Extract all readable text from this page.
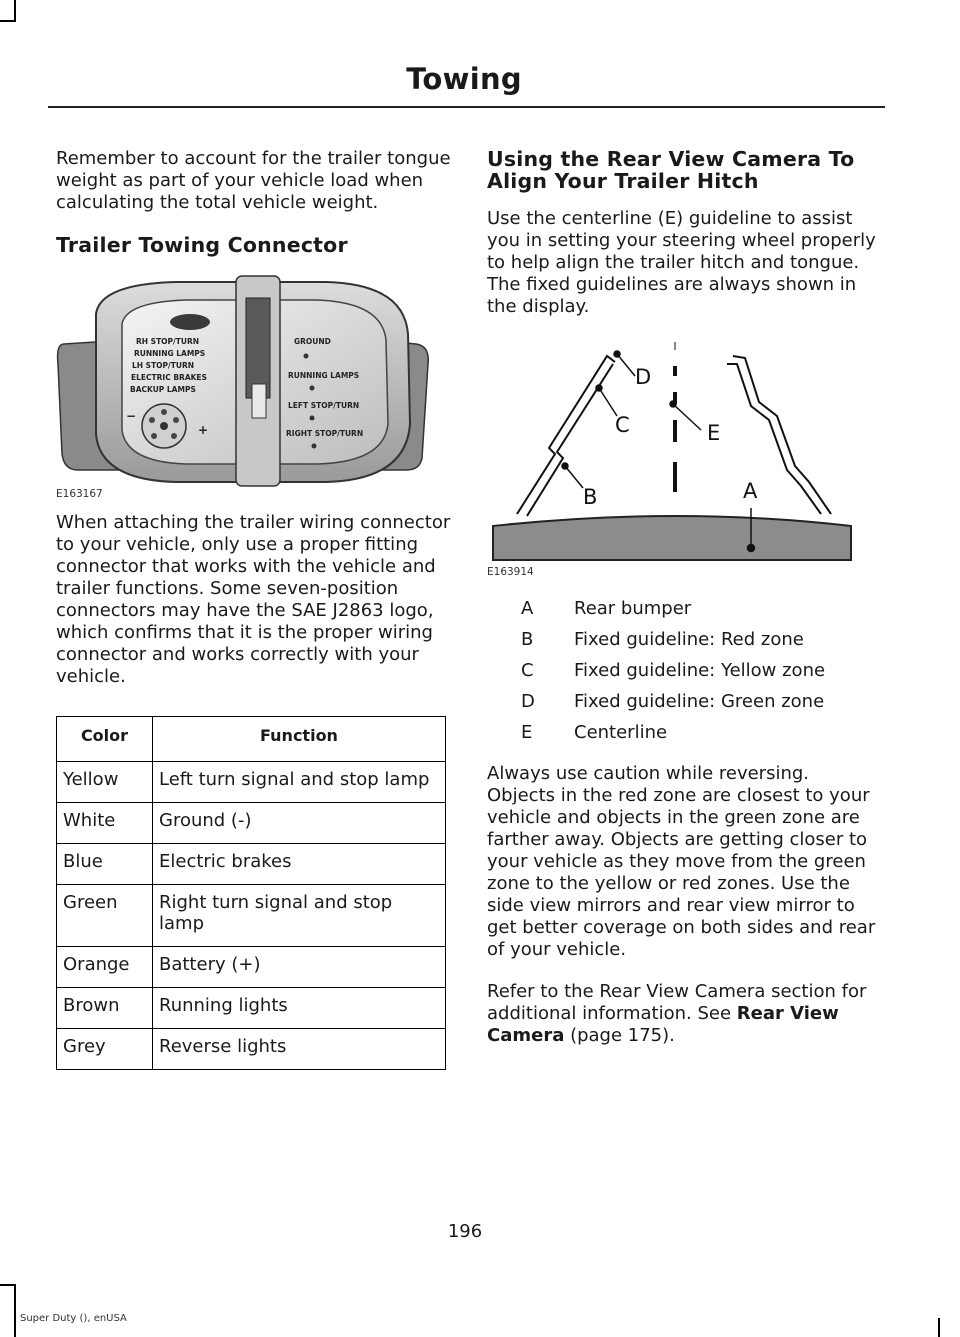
Towing

Remember to account for the trailer tongue weight as part of your vehicle load when calculating the total vehicle weight.

Trailer Towing Connector

RH STOP/TURN
RUNNING LAMPS
LH STOP/TURN
ELECTRIC BRAKES
BACKUP LAMPS
−
+
GROUND
RUNNING LAMPS
LEFT STOP/TURN
RIGHT STOP/TURN
E163167

When attaching the trailer wiring connector to your vehicle, only use a proper fitting connector that works with the vehicle and trailer functions. Some seven-position connectors may have the SAE J2863 logo, which confirms that it is the proper wiring connector and works correctly with your vehicle.

Color	Function
Yellow	Left turn signal and stop lamp
White	Ground (-)
Blue	Electric brakes
Green	Right turn signal and stop lamp
Orange	Battery (+)
Brown	Running lights
Grey	Reverse lights

Using the Rear View Camera To Align Your Trailer Hitch

Use the centerline (E) guideline to assist you in setting your steering wheel properly to help align the trailer hitch and tongue. The fixed guidelines are always shown in the display.

D
C	E
B	A
E163914
A	Rear bumper
B	Fixed guideline: Red zone
C	Fixed guideline: Yellow zone
D	Fixed guideline: Green zone
E	Centerline

Always use caution while reversing. Objects in the red zone are closest to your vehicle and objects in the green zone are farther away. Objects are getting closer to your vehicle as they move from the green zone to the yellow or red zones. Use the side view mirrors and rear view mirror to get better coverage on both sides and rear of your vehicle.

Refer to the Rear View Camera section for additional information. See Rear View Camera (page 175).

196
Super Duty (), enUSA
